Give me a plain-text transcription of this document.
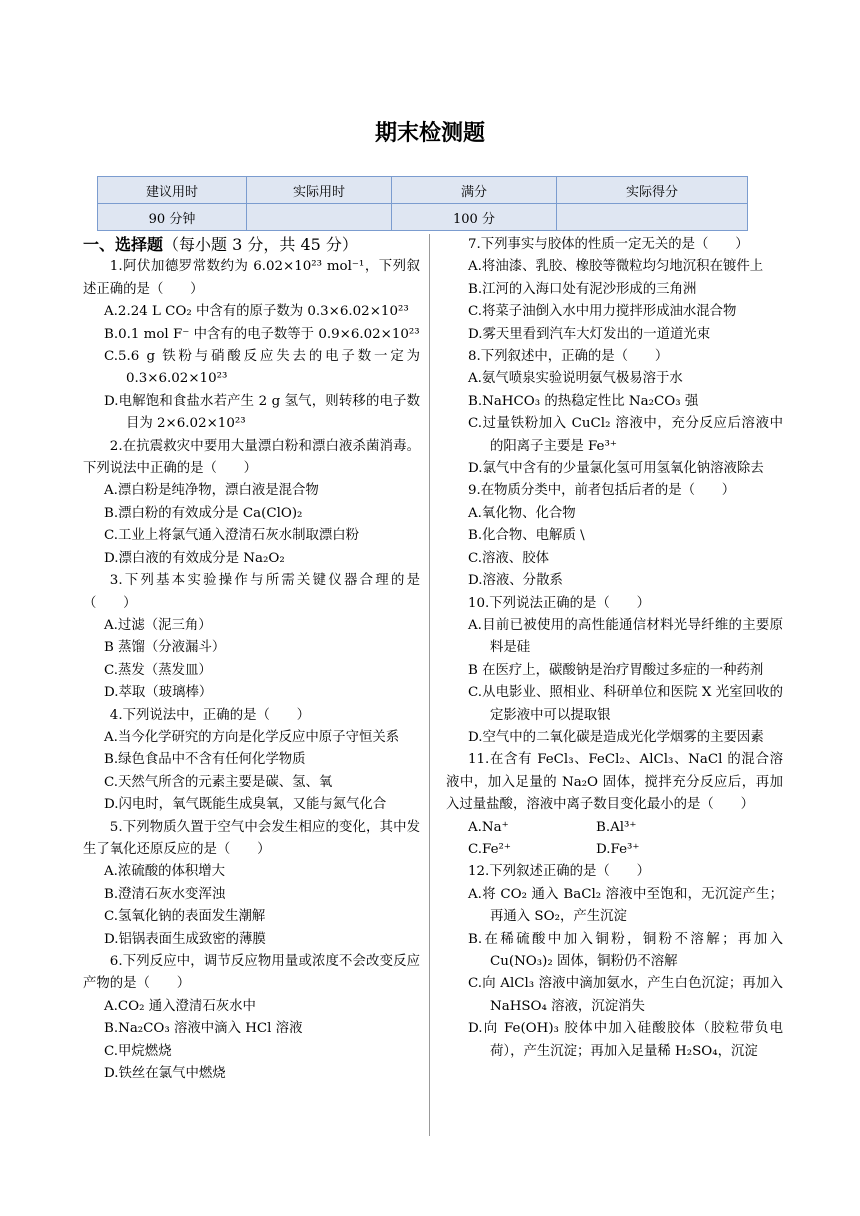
期末检测题
建议用时	实际用时	满分	实际得分
90 分钟		100 分	

一、选择题（每小题 3 分，共 45 分）

1.阿伏加德罗常数约为 6.02×10²³ mol⁻¹，下列叙述正确的是（　　）

A.2.24 L CO₂ 中含有的原子数为 0.3×6.02×10²³

B.0.1 mol F⁻ 中含有的电子数等于 0.9×6.02×10²³

C.5.6 g 铁粉与硝酸反应失去的电子数一定为 0.3×6.02×10²³

D.电解饱和食盐水若产生 2 g 氢气，则转移的电子数目为 2×6.02×10²³

2.在抗震救灾中要用大量漂白粉和漂白液杀菌消毒。下列说法中正确的是（　　）

A.漂白粉是纯净物，漂白液是混合物

B.漂白粉的有效成分是 Ca(ClO)₂

C.工业上将氯气通入澄清石灰水制取漂白粉

D.漂白液的有效成分是 Na₂O₂

3.下列基本实验操作与所需关键仪器合理的是（　　）

A.过滤（泥三角）

B 蒸馏（分液漏斗）

C.蒸发（蒸发皿）

D.萃取（玻璃棒）

4.下列说法中，正确的是（　　）

A.当今化学研究的方向是化学反应中原子守恒关系

B.绿色食品中不含有任何化学物质

C.天然气所含的元素主要是碳、氢、氧

D.闪电时，氧气既能生成臭氧，又能与氮气化合

5.下列物质久置于空气中会发生相应的变化，其中发生了氧化还原反应的是（　　）

A.浓硫酸的体积增大

B.澄清石灰水变浑浊

C.氢氧化钠的表面发生潮解

D.铝锅表面生成致密的薄膜

6.下列反应中，调节反应物用量或浓度不会改变反应产物的是（　　）

A.CO₂ 通入澄清石灰水中

B.Na₂CO₃ 溶液中滴入 HCl 溶液

C.甲烷燃烧

D.铁丝在氯气中燃烧

7.下列事实与胶体的性质一定无关的是（　　）

A.将油漆、乳胶、橡胶等微粒均匀地沉积在镀件上

B.江河的入海口处有泥沙形成的三角洲

C.将菜子油倒入水中用力搅拌形成油水混合物

D.雾天里看到汽车大灯发出的一道道光束

8.下列叙述中，正确的是（　　）

A.氨气喷泉实验说明氨气极易溶于水

B.NaHCO₃ 的热稳定性比 Na₂CO₃ 强

C.过量铁粉加入 CuCl₂ 溶液中，充分反应后溶液中的阳离子主要是 Fe³⁺

D.氯气中含有的少量氯化氢可用氢氧化钠溶液除去

9.在物质分类中，前者包括后者的是（　　）

A.氧化物、化合物

B.化合物、电解质 \

C.溶液、胶体

D.溶液、分散系

10.下列说法正确的是（　　）

A.目前已被使用的高性能通信材料光导纤维的主要原料是硅

B 在医疗上，碳酸钠是治疗胃酸过多症的一种药剂

C.从电影业、照相业、科研单位和医院 X 光室回收的定影液中可以提取银

D.空气中的二氧化碳是造成光化学烟雾的主要因素

11.在含有 FeCl₃、FeCl₂、AlCl₃、NaCl 的混合溶液中，加入足量的 Na₂O 固体，搅拌充分反应后，再加入过量盐酸，溶液中离子数目变化最小的是（　　）

A.Na⁺	B.Al³⁺

C.Fe²⁺	D.Fe³⁺

12.下列叙述正确的是（　　）

A.将 CO₂ 通入 BaCl₂ 溶液中至饱和，无沉淀产生；再通入 SO₂，产生沉淀

B.在稀硫酸中加入铜粉，铜粉不溶解；再加入 Cu(NO₃)₂ 固体，铜粉仍不溶解

C.向 AlCl₃ 溶液中滴加氨水，产生白色沉淀；再加入 NaHSO₄ 溶液，沉淀消失

D.向 Fe(OH)₃ 胶体中加入硅酸胶体（胶粒带负电荷），产生沉淀；再加入足量稀 H₂SO₄，沉淀
